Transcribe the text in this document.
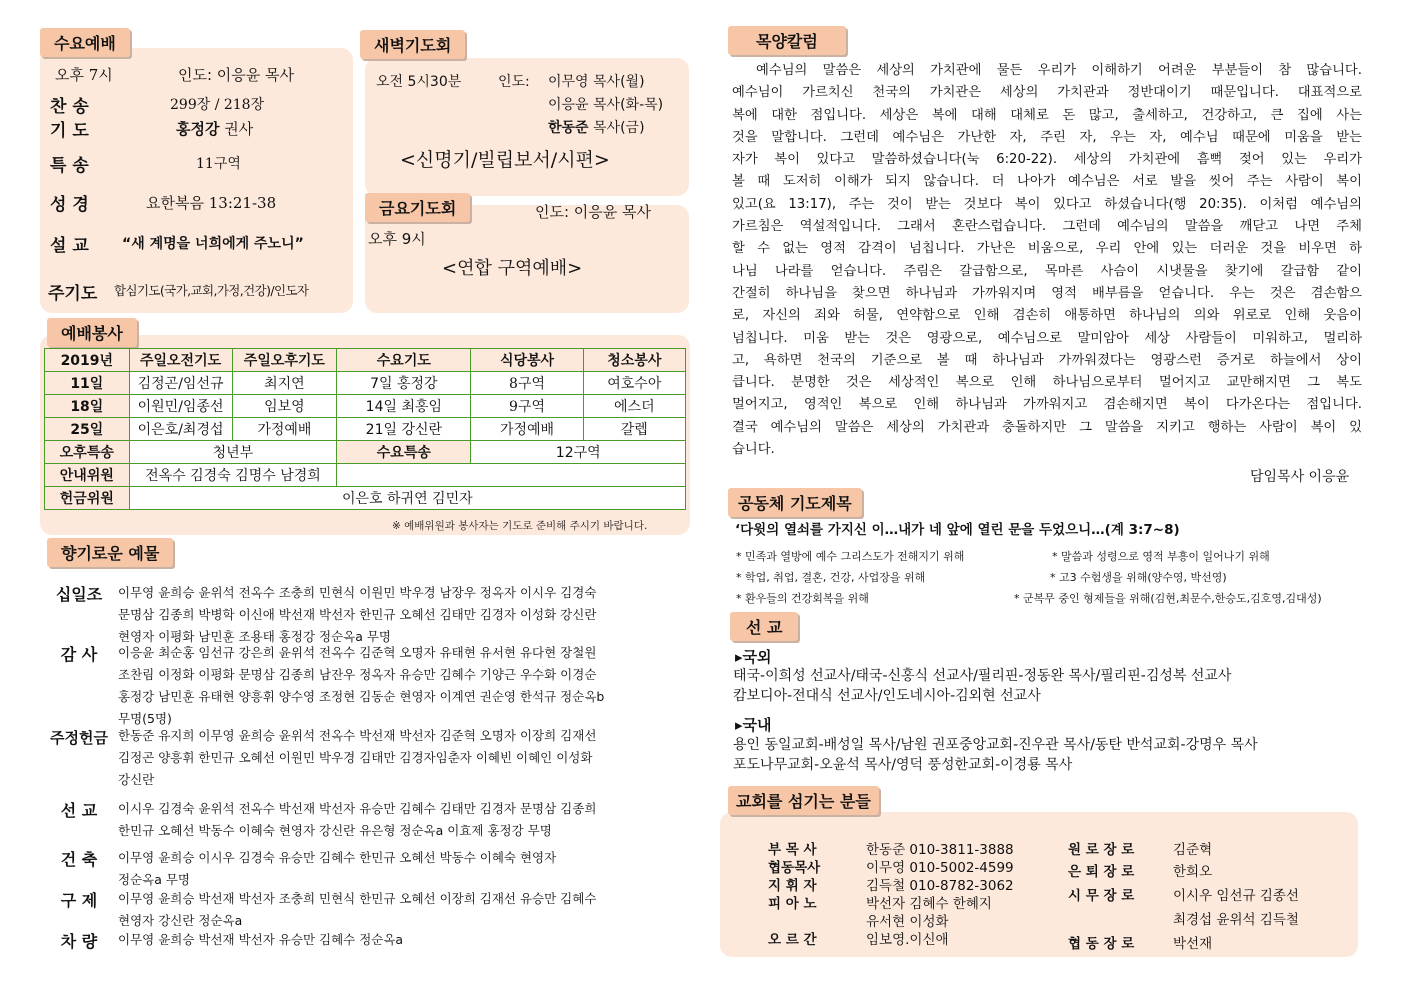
수요예배
오후 7시	인도: 이응윤 목사
찬 송	299장 / 218장
기 도	홍정강 권사
특 송	11구역
성 경	요한복음 13:21-38
설 교 “새 계명을 너희에게 주노니”
주기도 합심기도(국가,교회,가정,건강)/인도자
새벽기도회
오전 5시30분	인도: 이무영 목사(월)
이응윤 목사(화-목)
한동준 목사(금)
<신명기/빌립보서/시편>
금요기도회	인도: 이응윤 목사
오후 9시
<연합 구역예배>
예배봉사
2019년	주일오전기도	주일오후기도	수요기도	식당봉사	청소봉사
11일	김정곤/임선규	최지연	7일 홍정강	8구역	여호수아
18일	이원민/임종선	임보영	14일 최홍임	9구역	에스더
25일	이은호/최경섭	가정예배	21일 강신란	가정예배	갈렙
오후특송	청년부		수요특송	12구역	
안내위원	전옥수 김경숙 김명수 남경희				
헌금위원	이은호 하귀연 김민자				
※ 예배위원과 봉사자는 기도로 준비해 주시기 바랍니다.
향기로운 예물
십일조	이무영 윤희승 윤위석 전옥수 조충희 민현식 이원민 박우경 남장우 정옥자 이시우 김경숙
문명삼 김종희 박병학 이신애 박선재 박선자 한민규 오혜선 김태만 김경자 이성화 강신란
현영자 이평화 남민훈 조용태 홍정강 정순옥a 무명
감 사	이응윤 최순홍 임선규 강은희 윤위석 전옥수 김준혁 오명자 유태현 유서현 유다현 장철원
조찬림 이정화 이평화 문명삼 김종희 남잔우 정옥자 유승만 김혜수 기양근 우수화 이경순
홍정강 남민훈 유태현 양흥휘 양수영 조정현 김동순 현영자 이계연 권순영 한석규 정순옥b
무명(5명)
주정헌금 한동준 유지희 이무영 윤희승 윤위석 전옥수 박선재 박선자 김준혁 오명자 이장희 김재선
김정곤 양흥휘 한민규 오혜선 이원민 박우경 김태만 김경자임춘자 이혜빈 이혜인 이성화
강신란
선 교	이시우 김경숙 윤위석 전옥수 박선재 박선자 유승만 김혜수 김태만 김경자 문명삼 김종희
한민규 오혜선 박동수 이혜숙 현영자 강신란 유은형 정순옥a 이효제 홍정강 무명
건 축	이무영 윤희승 이시우 김경숙 유승만 김혜수 한민규 오혜선 박동수 이혜숙 현영자
정순옥a 무명
구 제	이무영 윤희승 박선재 박선자 조충희 민현식 한민규 오혜선 이장희 김재선 유승만 김혜수
현영자 강신란 정순옥a
차 량	이무영 윤희승 박선재 박선자 유승만 김혜수 정순옥a
목양칼럼
예수님의 말씀은 세상의 가치관에 물든 우리가 이해하기 어려운 부분들이 참 많습니다.
예수님이 가르치신 천국의 가치관은 세상의 가치관과 정반대이기 때문입니다. 대표적으로
복에 대한 점입니다. 세상은 복에 대해 대체로 돈 많고, 출세하고, 건강하고, 큰 집에 사는
것을 말합니다. 그런데 예수님은 가난한 자, 주린 자, 우는 자, 예수님 때문에 미움을 받는
자가 복이 있다고 말씀하셨습니다(눅 6:20-22). 세상의 가치관에 흠뻑 젖어 있는 우리가
볼 때 도저히 이해가 되지 않습니다. 더 나아가 예수님은 서로 발을 씻어 주는 사람이 복이
있고(요 13:17), 주는 것이 받는 것보다 복이 있다고 하셨습니다(행 20:35). 이처럼 예수님의
가르침은 역설적입니다. 그래서 혼란스럽습니다. 그런데 예수님의 말씀을 깨닫고 나면 주체
할 수 없는 영적 감격이 넘칩니다. 가난은 비움으로, 우리 안에 있는 더러운 것을 비우면 하
나님 나라를 얻습니다. 주림은 갈급함으로, 목마른 사슴이 시냇물을 찾기에 갈급함 같이
간절히 하나님을 찾으면 하나님과 가까워지며 영적 배부름을 얻습니다. 우는 것은 겸손함으
로, 자신의 죄와 허물, 연약함으로 인해 겸손히 애통하면 하나님의 의와 위로로 인해 웃음이
넘칩니다. 미움 받는 것은 영광으로, 예수님으로 말미암아 세상 사람들이 미워하고, 멀리하
고, 욕하면 천국의 기준으로 볼 때 하나님과 가까워졌다는 영광스런 증거로 하늘에서 상이
큽니다. 분명한 것은 세상적인 복으로 인해 하나님으로부터 멀어지고 교만해지면 그 복도
멀어지고, 영적인 복으로 인해 하나님과 가까워지고 겸손해지면 복이 다가온다는 점입니다.
결국 예수님의 말씀은 세상의 가치관과 충돌하지만 그 말씀을 지키고 행하는 사람이 복이 있
습니다.
담임목사 이응윤
공동체 기도제목
‘다윗의 열쇠를 가지신 이…내가 네 앞에 열린 문을 두었으니…(계 3:7~8)
* 민족과 열방에 예수 그리스도가 전해지기 위해	* 말씀과 성령으로 영적 부흥이 일어나기 위해
* 학업, 취업, 결혼, 건강, 사업장을 위해	* 고3 수험생을 위해(양수영, 박선영)
* 환우들의 건강회복을 위해	* 군복무 중인 형제들을 위해(김현,최문수,한승도,김호영,김대성)
선 교
▸국외
태국-이희성 선교사/태국-신홍식 선교사/필리핀-정동완 목사/필리핀-김성복 선교사
캄보디아-전대식 선교사/인도네시아-김외현 선교사
▸국내
용인 동일교회-배성일 목사/남원 권포중앙교회-진우관 목사/동탄 반석교회-강명우 목사
포도나무교회-오윤석 목사/영덕 풍성한교회-이경룡 목사
교회를 섬기는 분들
부 목 사	한동준 010-3811-3888
협동목사	이무영 010-5002-4599
지 휘 자	김득철 010-8782-3062
피 아 노	박선자 김혜수 한혜지
유서현 이성화
오 르 간	임보영.이신애
원 로 장 로	김준혁
은 퇴 장 로	한희오
시 무 장 로	이시우 임선규 김종선
최경섭 윤위석 김득철
협 동 장 로	박선재
